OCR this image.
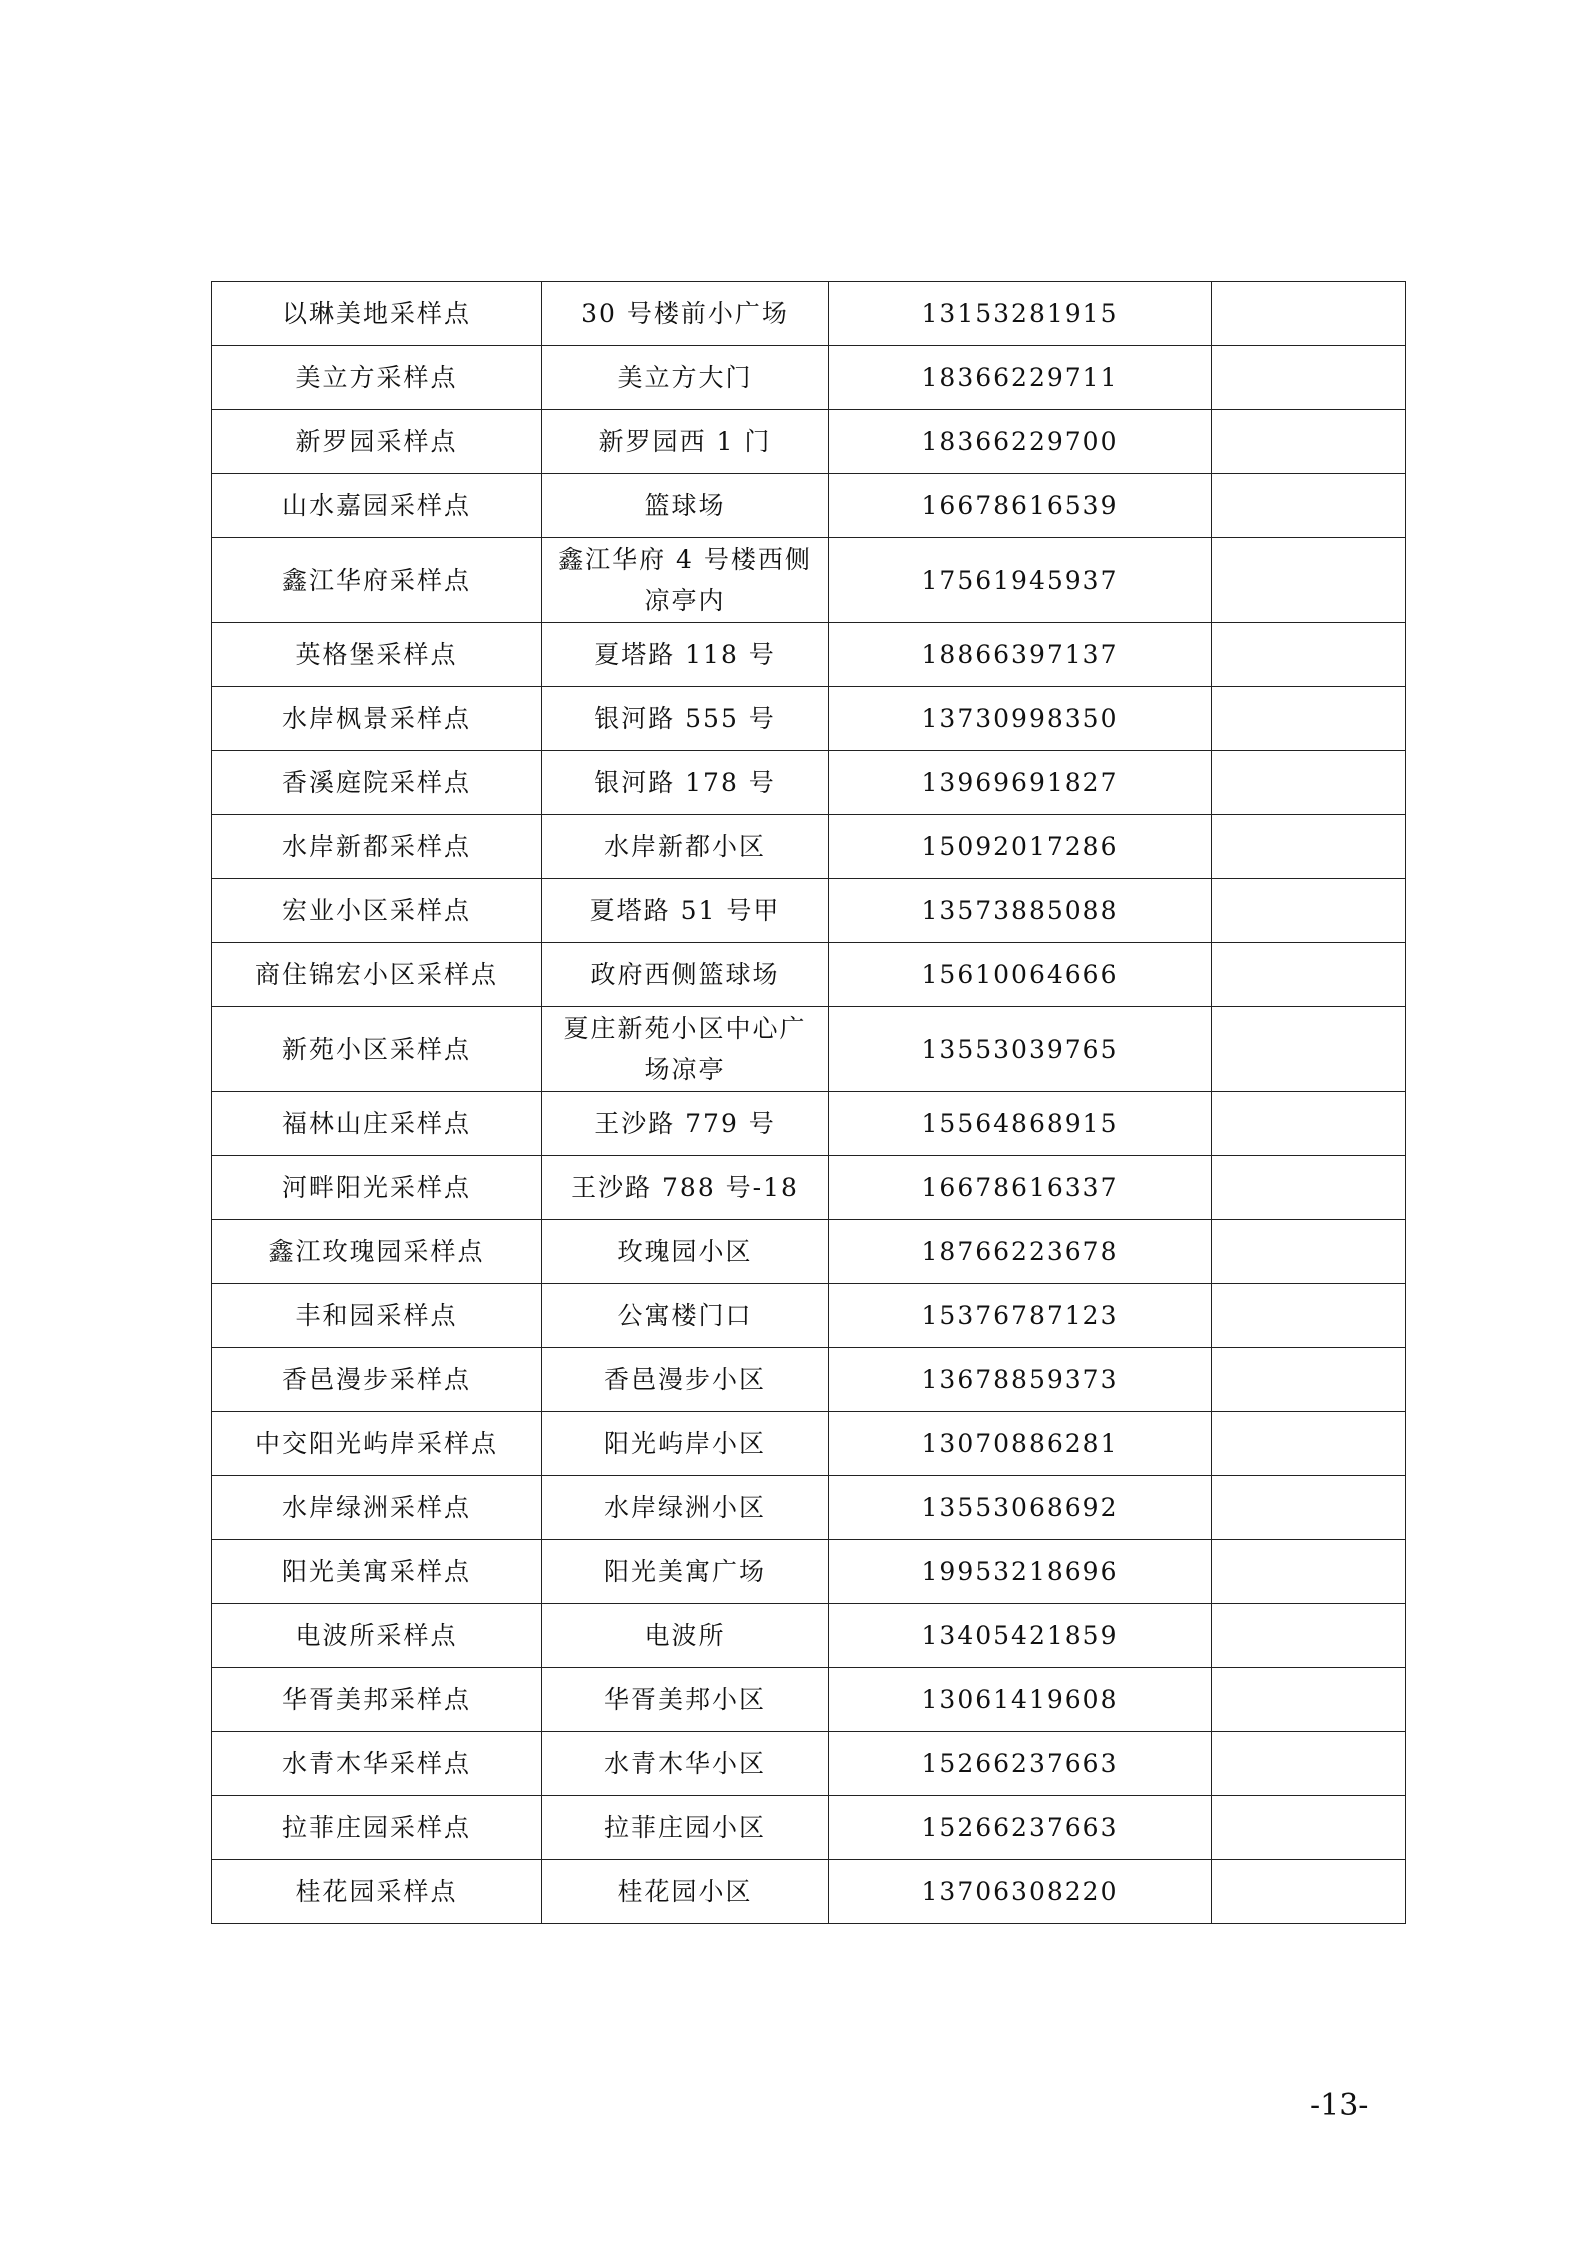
以琳美地采样点	30 号楼前小广场	13153281915	
美立方采样点	美立方大门	18366229711	
新罗园采样点	新罗园西 1 门	18366229700	
山水嘉园采样点	篮球场	16678616539	
鑫江华府采样点	鑫江华府 4 号楼西侧凉亭内	17561945937	
英格堡采样点	夏塔路 118 号	18866397137	
水岸枫景采样点	银河路 555 号	13730998350	
香溪庭院采样点	银河路 178 号	13969691827	
水岸新都采样点	水岸新都小区	15092017286	
宏业小区采样点	夏塔路 51 号甲	13573885088	
商住锦宏小区采样点	政府西侧篮球场	15610064666	
新苑小区采样点	夏庄新苑小区中心广场凉亭	13553039765	
福林山庄采样点	王沙路 779 号	15564868915	
河畔阳光采样点	王沙路 788 号-18	16678616337	
鑫江玫瑰园采样点	玫瑰园小区	18766223678	
丰和园采样点	公寓楼门口	15376787123	
香邑漫步采样点	香邑漫步小区	13678859373	
中交阳光屿岸采样点	阳光屿岸小区	13070886281	
水岸绿洲采样点	水岸绿洲小区	13553068692	
阳光美寓采样点	阳光美寓广场	19953218696	
电波所采样点	电波所	13405421859	
华胥美邦采样点	华胥美邦小区	13061419608	
水青木华采样点	水青木华小区	15266237663	
拉菲庄园采样点	拉菲庄园小区	15266237663	
桂花园采样点	桂花园小区	13706308220	
-13-
